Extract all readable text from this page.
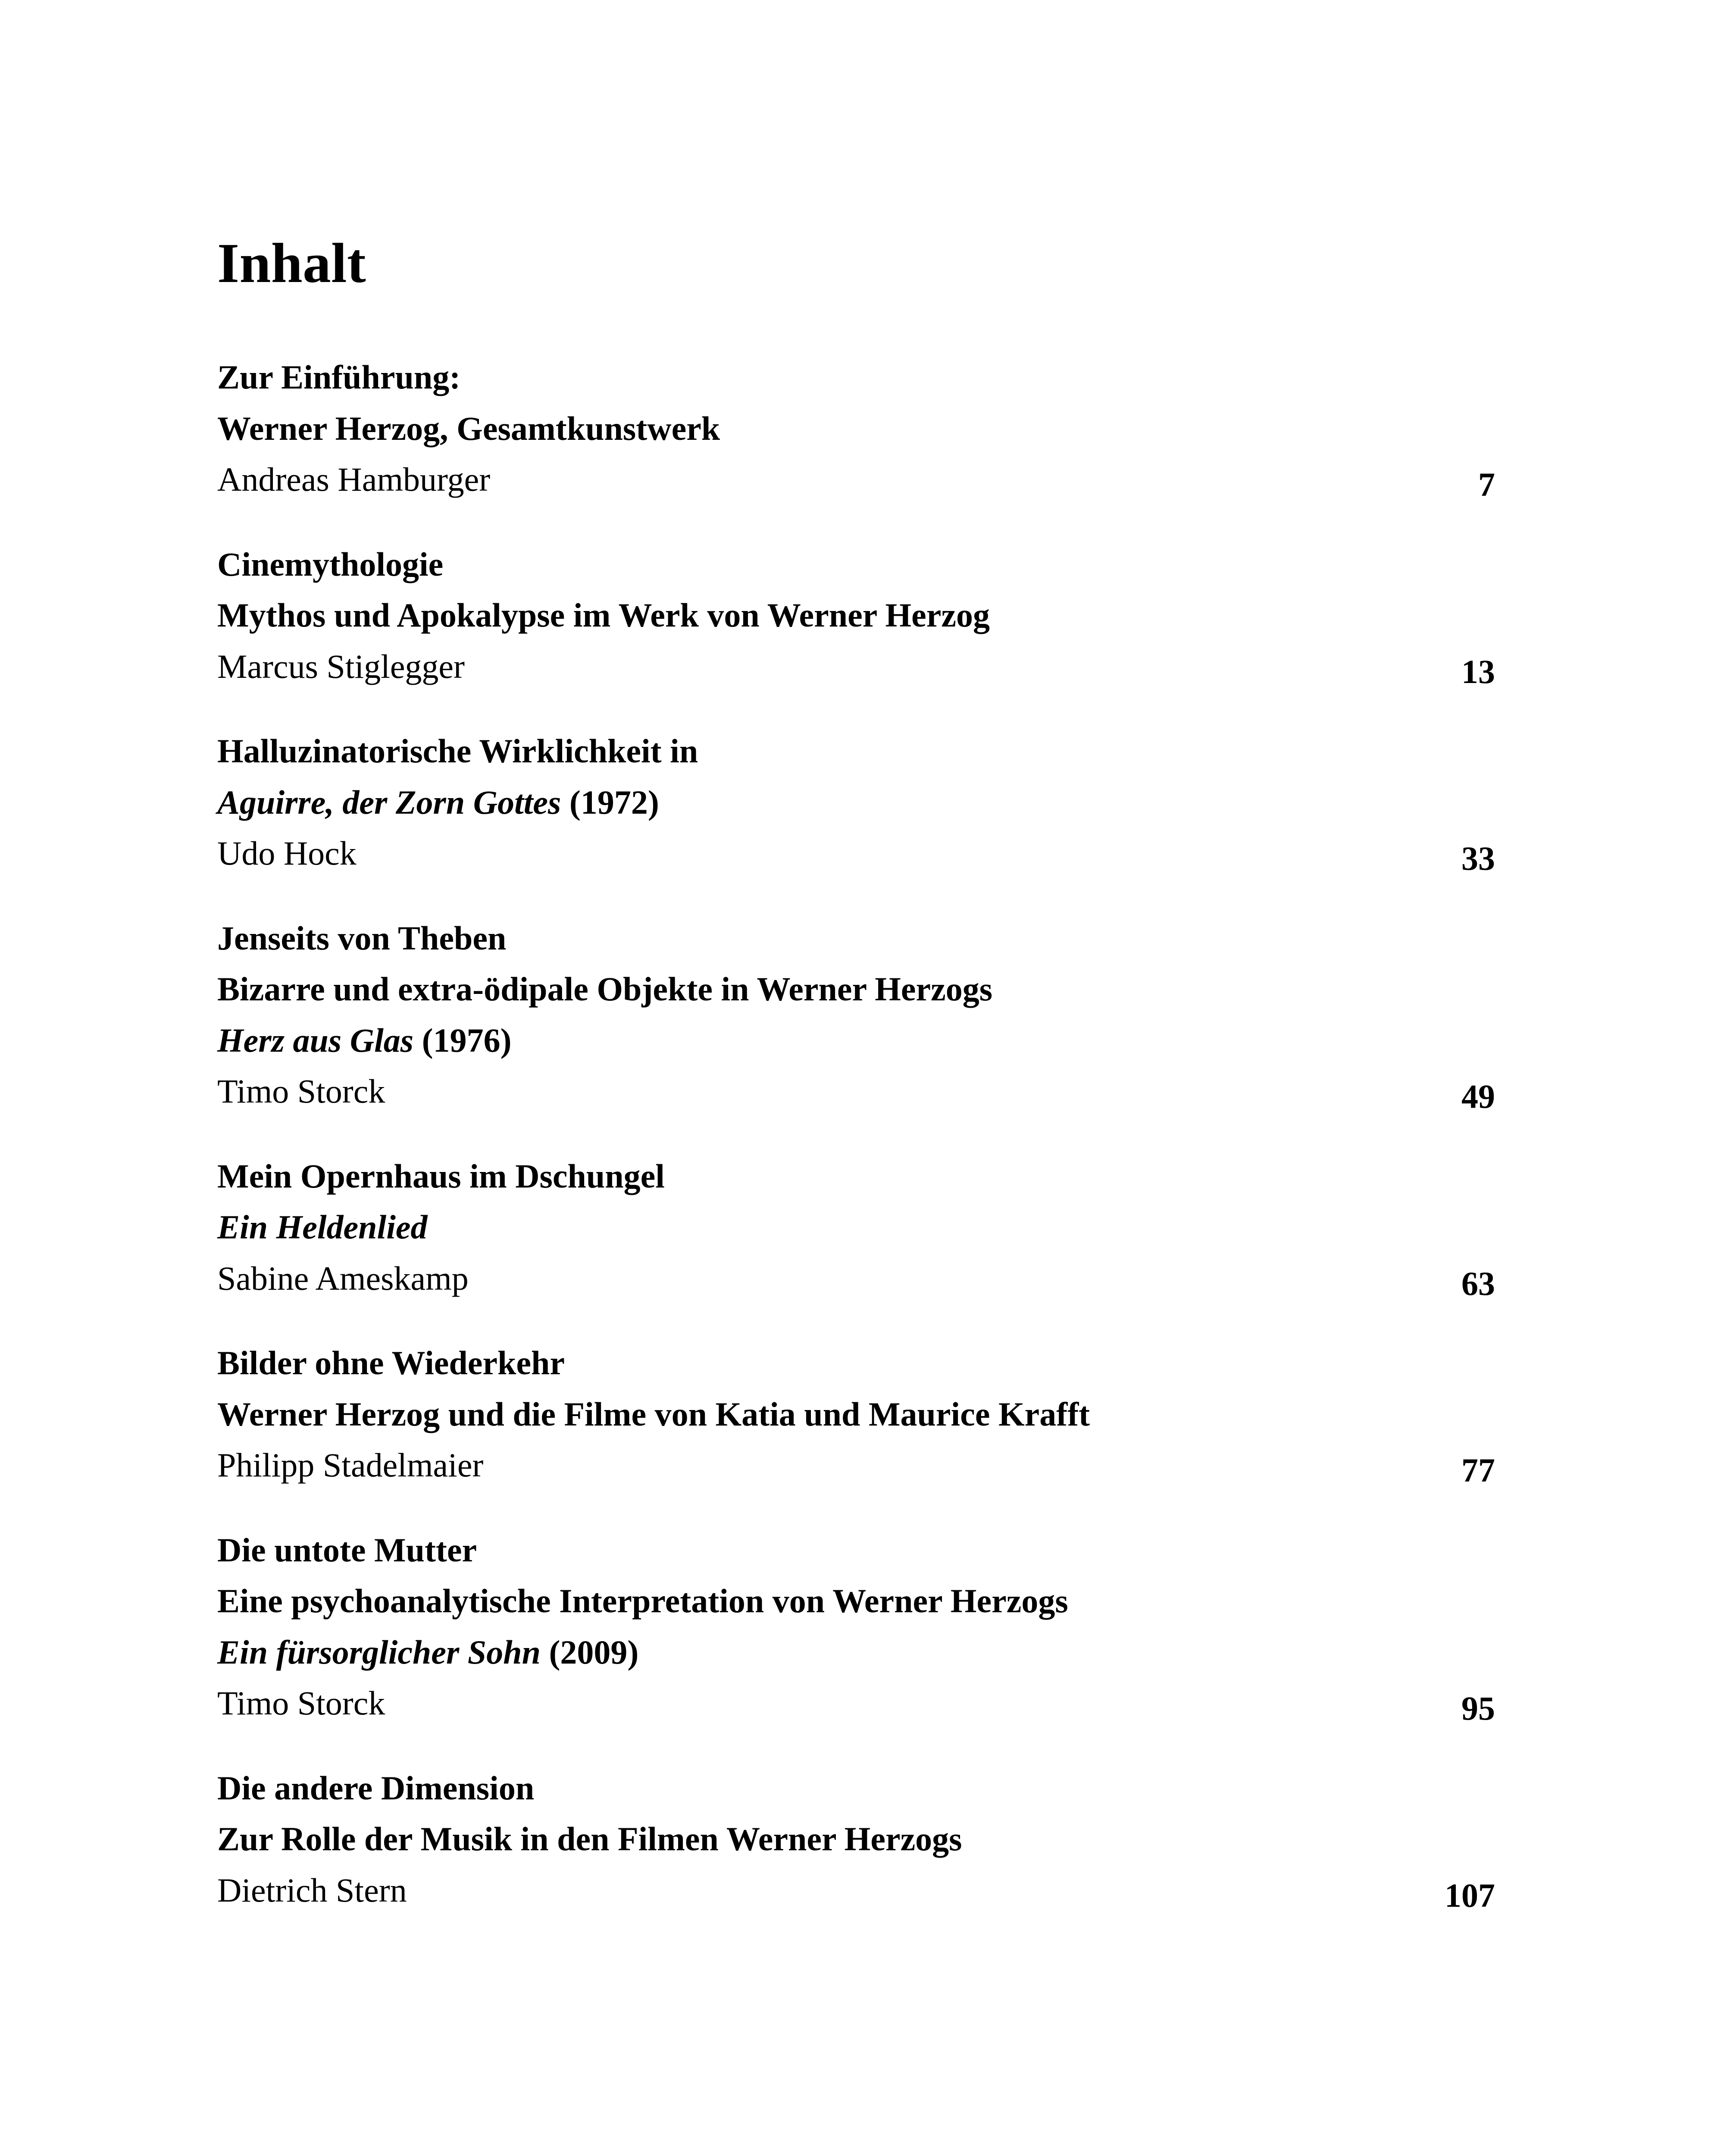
Inhalt
Zur Einführung:
Werner Herzog, Gesamtkunstwerk
Andreas Hamburger	7
Cinemythologie
Mythos und Apokalypse im Werk von Werner Herzog
Marcus Stiglegger	13
Halluzinatorische Wirklichkeit in
Aguirre, der Zorn Gottes (1972)
Udo Hock	33
Jenseits von Theben
Bizarre und extra-ödipale Objekte in Werner Herzogs
Herz aus Glas (1976)
Timo Storck	49
Mein Opernhaus im Dschungel
Ein Heldenlied
Sabine Ameskamp	63
Bilder ohne Wiederkehr
Werner Herzog und die Filme von Katia und Maurice Krafft
Philipp Stadelmaier	77
Die untote Mutter
Eine psychoanalytische Interpretation von Werner Herzogs
Ein fürsorglicher Sohn (2009)
Timo Storck	95
Die andere Dimension
Zur Rolle der Musik in den Filmen Werner Herzogs
Dietrich Stern	107
